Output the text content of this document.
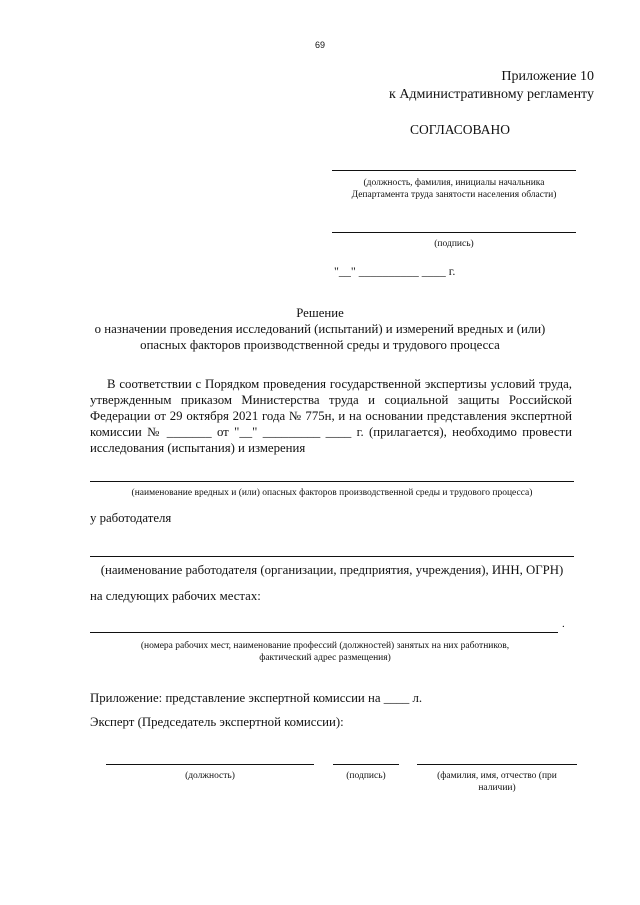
69
Приложение 10
к Административному регламенту
СОГЛАСОВАНО
(должность, фамилия, инициалы начальника
Департамента труда занятости населения области)
(подпись)
"__" __________ ____ г.
Решение
о назначении проведения исследований (испытаний) и измерений вредных и (или)
опасных факторов производственной среды и трудового процесса
В соответствии с Порядком проведения государственной экспертизы условий труда, утвержденным приказом Министерства труда и социальной защиты Российской Федерации от 29 октября 2021 года № 775н, и на основании представления экспертной комиссии № _______ от "__" _________ ____ г. (прилагается), необходимо провести исследования (испытания) и измерения
(наименование вредных и (или) опасных факторов производственной среды и трудового процесса)
у работодателя
(наименование работодателя (организации, предприятия, учреждения), ИНН, ОГРН)
на следующих рабочих местах:
.
(номера рабочих мест, наименование профессий (должностей) занятых на них работников,
фактический адрес размещения)
Приложение: представление экспертной комиссии на ____ л.
Эксперт (Председатель экспертной комиссии):
(должность)	(подпись)	(фамилия, имя, отчество (при
наличии)
